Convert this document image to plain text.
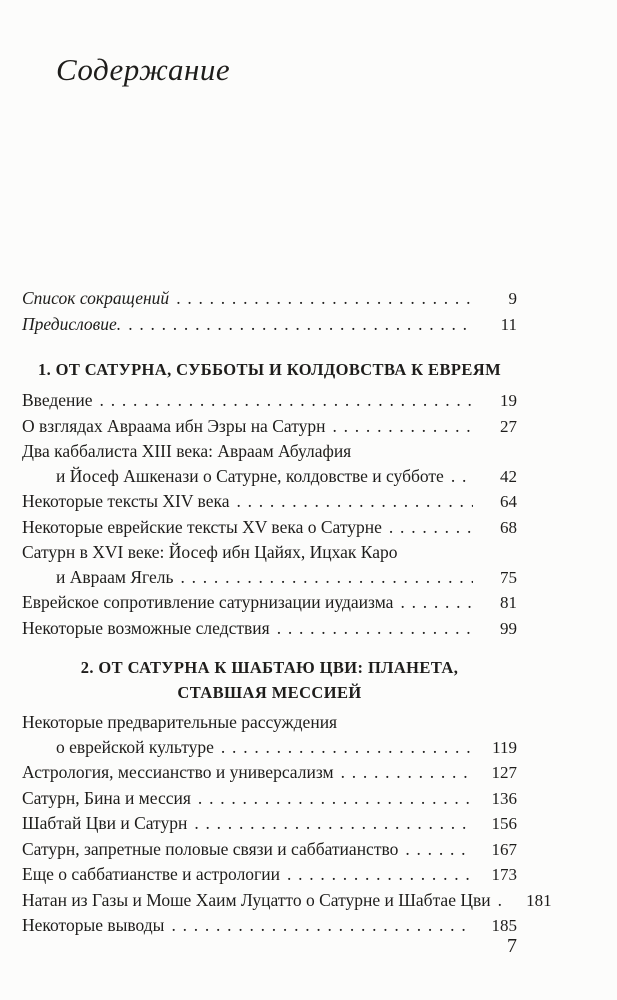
Содержание
Список сокращений . . .	9
Предисловие. . . .	11
1. ОТ САТУРНА, СУББОТЫ И КОЛДОВСТВА К ЕВРЕЯМ
Введение . . .	19
О взглядах Авраама ибн Эзры на Сатурн . . .	27
Два каббалиста XIII века: Авраам Абулафия
и Йосеф Ашкенази о Сатурне, колдовстве и субботе . . .	42
Некоторые тексты XIV века . . .	64
Некоторые еврейские тексты XV века о Сатурне . . .	68
Сатурн в XVI веке: Йосеф ибн Цайях, Ицхак Каро
и Авраам Ягель . . .	75
Еврейское сопротивление сатурнизации иудаизма . . .	81
Некоторые возможные следствия . . .	99
2. ОТ САТУРНА К ШАБТАЮ ЦВИ: ПЛАНЕТА,
СТАВШАЯ МЕССИЕЙ
Некоторые предварительные рассуждения
о еврейской культуре . . .	119
Астрология, мессианство и универсализм . . .	127
Сатурн, Бина и мессия . . .	136
Шабтай Цви и Сатурн . . .	156
Сатурн, запретные половые связи и саббатианство . . .	167
Еще о саббатианстве и астрологии . . .	173
Натан из Газы и Моше Хаим Луцатто о Сатурне и Шабтае Цви . . .	181
Некоторые выводы . . .	185
7
